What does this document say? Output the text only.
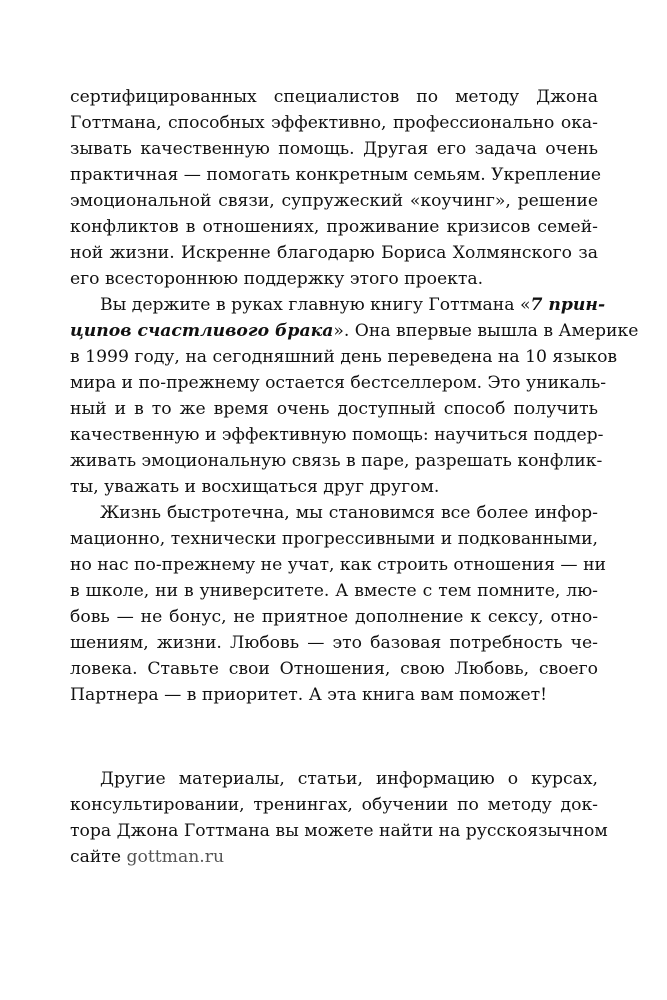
сертифицированных специалистов по методу Джона
Готтмана, способных эффективно, профессионально ока-
зывать качественную помощь. Другая его задача очень
практичная — помогать конкретным семьям. Укрепление
эмоциональной связи, супружеский «коучинг», решение
конфликтов в отношениях, проживание кризисов семей-
ной жизни. Искренне благодарю Бориса Холмянского за
его всестороннюю поддержку этого проекта.
Вы держите в руках главную книгу Готтмана «7 прин-
ципов счастливого брака». Она впервые вышла в Америке
в 1999 году, на сегодняшний день переведена на 10 языков
мира и по-прежнему остается бестселлером. Это уникаль-
ный и в то же время очень доступный способ получить
качественную и эффективную помощь: научиться поддер-
живать эмоциональную связь в паре, разрешать конфлик-
ты, уважать и восхищаться друг другом.
Жизнь быстротечна, мы становимся все более инфор-
мационно, технически прогрессивными и подкованными,
но нас по-прежнему не учат, как строить отношения — ни
в школе, ни в университете. А вместе с тем помните, лю-
бовь — не бонус, не приятное дополнение к сексу, отно-
шениям, жизни. Любовь — это базовая потребность че-
ловека. Ставьте свои Отношения, свою Любовь, своего
Партнера — в приоритет. А эта книга вам поможет!
Другие материалы, статьи, информацию о курсах,
консультировании, тренингах, обучении по методу док-
тора Джона Готтмана вы можете найти на русскоязычном
сайте gottman.ru
